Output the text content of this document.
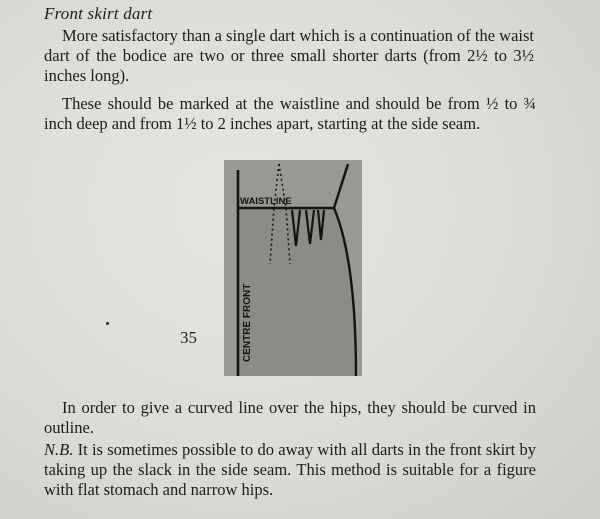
Front skirt dart

More satisfactory than a single dart which is a continuation of the waist dart of the bodice are two or three small shorter darts (from 2½ to 3½ inches long).

These should be marked at the waistline and should be from ½ to ¾ inch deep and from 1½ to 2 inches apart, starting at the side seam.

WAISTLINE
CENTRE FRONT
35

In order to give a curved line over the hips, they should be curved in outline.

N.B. It is sometimes possible to do away with all darts in the front skirt by taking up the slack in the side seam. This method is suitable for a figure with flat stomach and narrow hips.
